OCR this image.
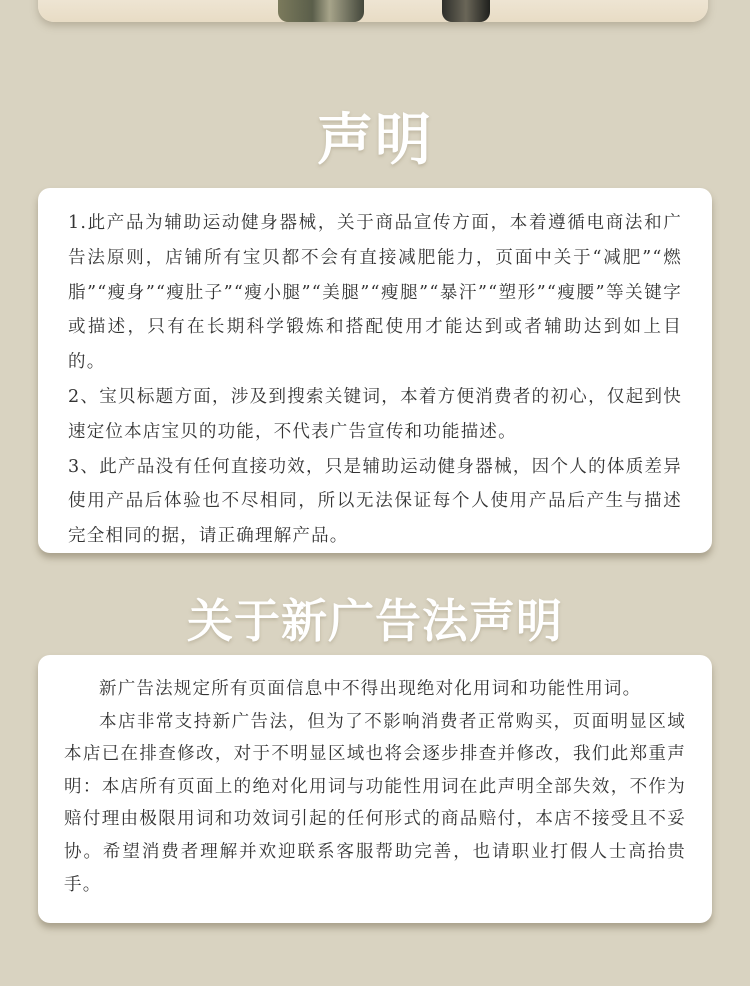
声明

1.此产品为辅助运动健身器械，关于商品宣传方面，本着遵循电商法和广告法原则，店铺所有宝贝都不会有直接减肥能力，页面中关于“减肥”“燃脂”“瘦身”“瘦肚子”“瘦小腿”“美腿”“瘦腿”“暴汗”“塑形”“瘦腰”等关键字或描述，只有在长期科学锻炼和搭配使用才能达到或者辅助达到如上目的。

2、宝贝标题方面，涉及到搜索关键词，本着方便消费者的初心，仅起到快速定位本店宝贝的功能，不代表广告宣传和功能描述。

3、此产品没有任何直接功效，只是辅助运动健身器械，因个人的体质差异使用产品后体验也不尽相同，所以无法保证每个人使用产品后产生与描述完全相同的据，请正确理解产品。

关于新广告法声明

新广告法规定所有页面信息中不得出现绝对化用词和功能性用词。

本店非常支持新广告法，但为了不影响消费者正常购买，页面明显区域本店已在排查修改，对于不明显区域也将会逐步排查并修改，我们此郑重声明：本店所有页面上的绝对化用词与功能性用词在此声明全部失效，不作为赔付理由极限用词和功效词引起的任何形式的商品赔付，本店不接受且不妥协。希望消费者理解并欢迎联系客服帮助完善，也请职业打假人士高抬贵手。
